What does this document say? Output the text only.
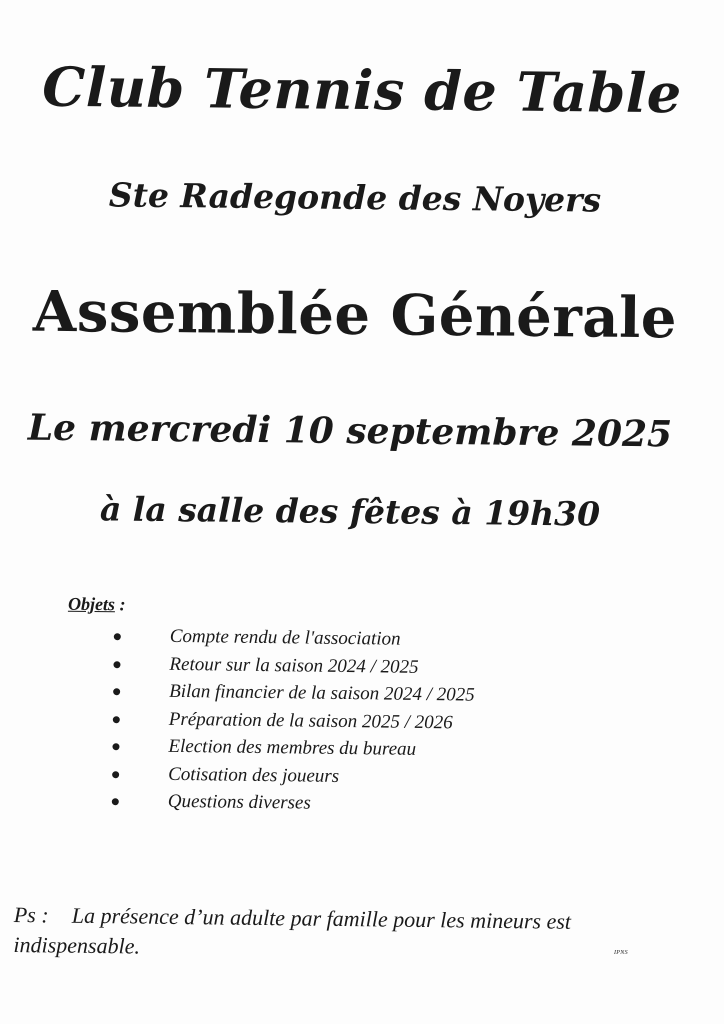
Club Tennis de Table
Ste Radegonde des Noyers
Assemblée Générale
Le mercredi 10 septembre 2025
à la salle des fêtes à 19h30
Objets :
Compte rendu de l'association
Retour sur la saison 2024 / 2025
Bilan financier de la saison 2024 / 2025
Préparation de la saison 2025 / 2026
Election des membres du bureau
Cotisation des joueurs
Questions diverses
Ps : La présence d’un adulte par famille pour les mineurs est indispensable.	IPNS
